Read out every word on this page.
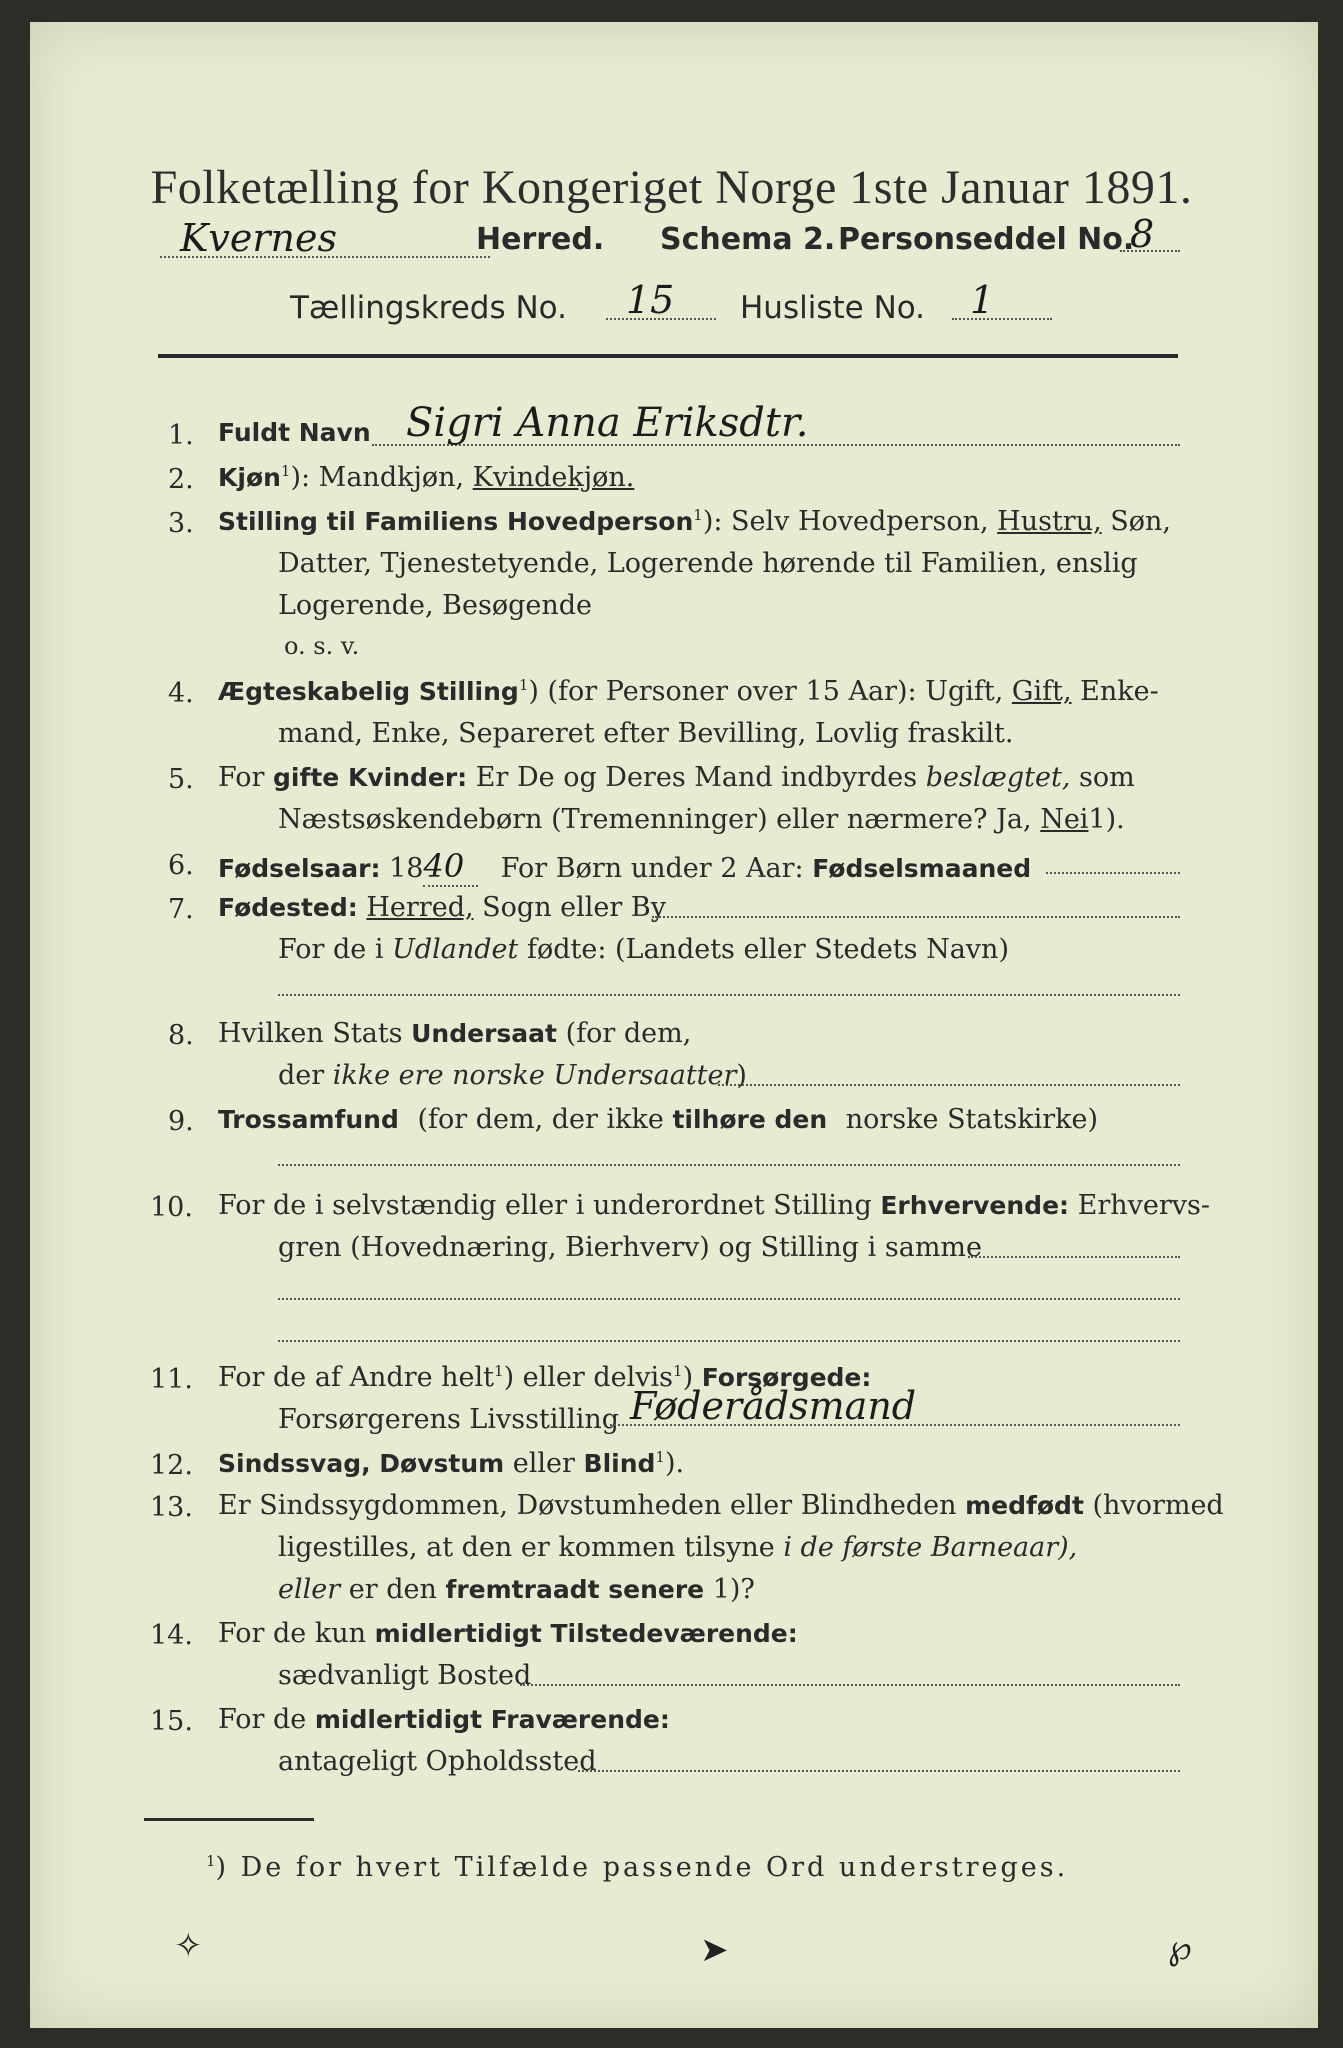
Folketælling for Kongeriget Norge 1ste Januar 1891.
Kvernes	Herred. Schema 2. Personseddel No.
8
Tællingskreds No. 15 Husliste No. 1
1. Fuldt Navn Sigri Anna Eriksdtr.
2. Kjøn$^1$): Mandkjøn, Kvindekjøn.
3. Stilling til Familiens Hovedperson$^1$): Selv Hovedperson, Hustru, Søn,
Datter, Tjenestetyende, Logerende hørende til Familien, enslig
Logerende, Besøgende
o. s. v.
4. Ægteskabelig Stilling$^1$) (for Personer over 15 Aar): Ugift, Gift, Enke-
mand, Enke, Separeret efter Bevilling, Lovlig fraskilt.
5. For gifte Kvinder: Er De og Deres Mand indbyrdes beslægtet, som
Næstsøskendebørn (Tremenninger) eller nærmere? Ja, Nei1).
6. Fødselsaar: 1840 For Børn under 2 Aar: Fødselsmaaned
7. Fødested: Herred, Sogn eller By
For de i Udlandet fødte: (Landets eller Stedets Navn)
8. Hvilken Stats Undersaat (for dem,
der ikke ere norske Undersaatter)
9. Trossamfund (for dem, der ikke tilhøre den norske Statskirke)
10. For de i selvstændig eller i underordnet Stilling Erhvervende: Erhvervs-
gren (Hovednæring, Bierhverv) og Stilling i samme
11. For de af Andre helt$^1$) eller delvis$^1$) Forsørgede:
Forsørgerens Livsstilling Føderådsmand
12. Sindssvag, Døvstum eller Blind$^1$).
13. Er Sindssygdommen, Døvstumheden eller Blindheden medfødt (hvormed
ligestilles, at den er kommen tilsyne i de første Barneaar),
eller er den fremtraadt senere 1)?
14. For de kun midlertidigt Tilstedeværende:
sædvanligt Bosted
15. For de midlertidigt Fraværende:
antageligt Opholdssted
$^1$) De for hvert Tilfælde passende Ord understreges.
✧	➤	℘
